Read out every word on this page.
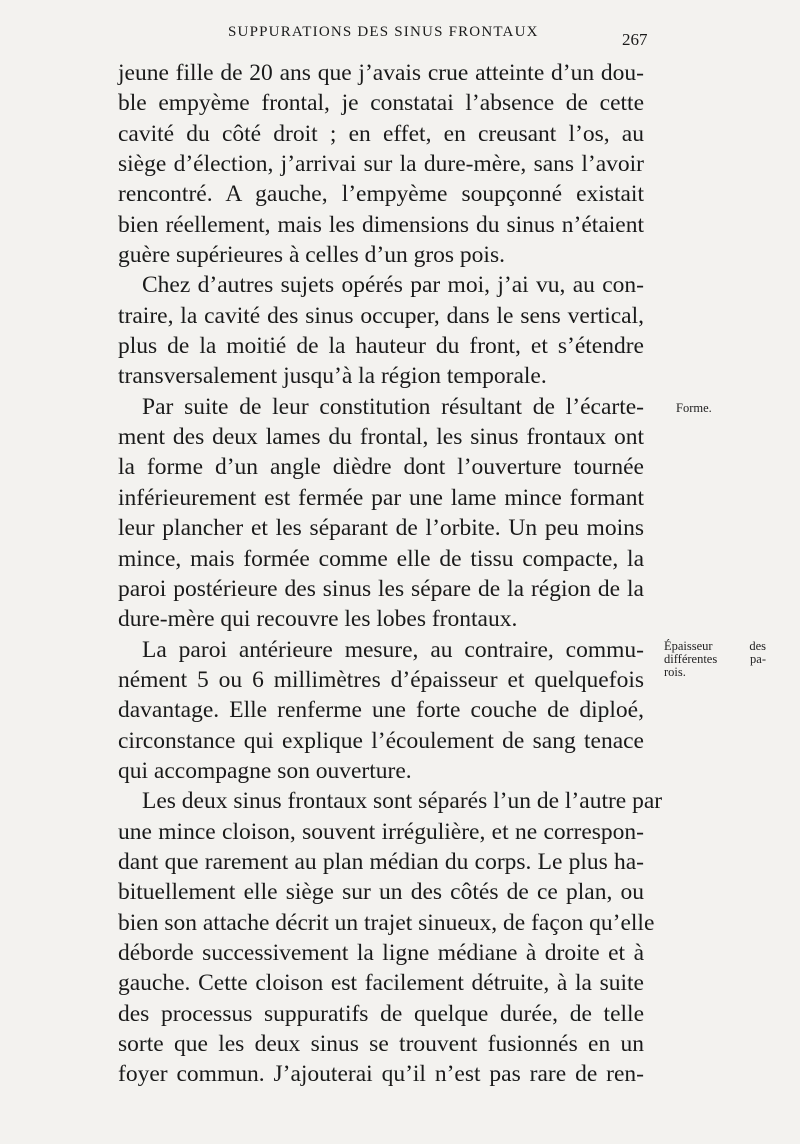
SUPPURATIONS DES SINUS FRONTAUX	267
jeune fille de 20 ans que j’avais crue atteinte d’un dou-
ble empyème frontal, je constatai l’absence de cette
cavité du côté droit ; en effet, en creusant l’os, au
siège d’élection, j’arrivai sur la dure-mère, sans l’avoir
rencontré. A gauche, l’empyème soupçonné existait
bien réellement, mais les dimensions du sinus n’étaient
guère supérieures à celles d’un gros pois.
Chez d’autres sujets opérés par moi, j’ai vu, au con-
traire, la cavité des sinus occuper, dans le sens vertical,
plus de la moitié de la hauteur du front, et s’étendre
transversalement jusqu’à la région temporale.
Par suite de leur constitution résultant de l’écarte-
ment des deux lames du frontal, les sinus frontaux ont
la forme d’un angle dièdre dont l’ouverture tournée
inférieurement est fermée par une lame mince formant
leur plancher et les séparant de l’orbite. Un peu moins
mince, mais formée comme elle de tissu compacte, la
paroi postérieure des sinus les sépare de la région de la
dure-mère qui recouvre les lobes frontaux.
La paroi antérieure mesure, au contraire, commu-
nément 5 ou 6 millimètres d’épaisseur et quelquefois
davantage. Elle renferme une forte couche de diploé,
circonstance qui explique l’écoulement de sang tenace
qui accompagne son ouverture.
Les deux sinus frontaux sont séparés l’un de l’autre par
une mince cloison, souvent irrégulière, et ne correspon-
dant que rarement au plan médian du corps. Le plus ha-
bituellement elle siège sur un des côtés de ce plan, ou
bien son attache décrit un trajet sinueux, de façon qu’elle
déborde successivement la ligne médiane à droite et à
gauche. Cette cloison est facilement détruite, à la suite
des processus suppuratifs de quelque durée, de telle
sorte que les deux sinus se trouvent fusionnés en un
foyer commun. J’ajouterai qu’il n’est pas rare de ren-
Forme.
Épaisseur des
différentes pa-
rois.
